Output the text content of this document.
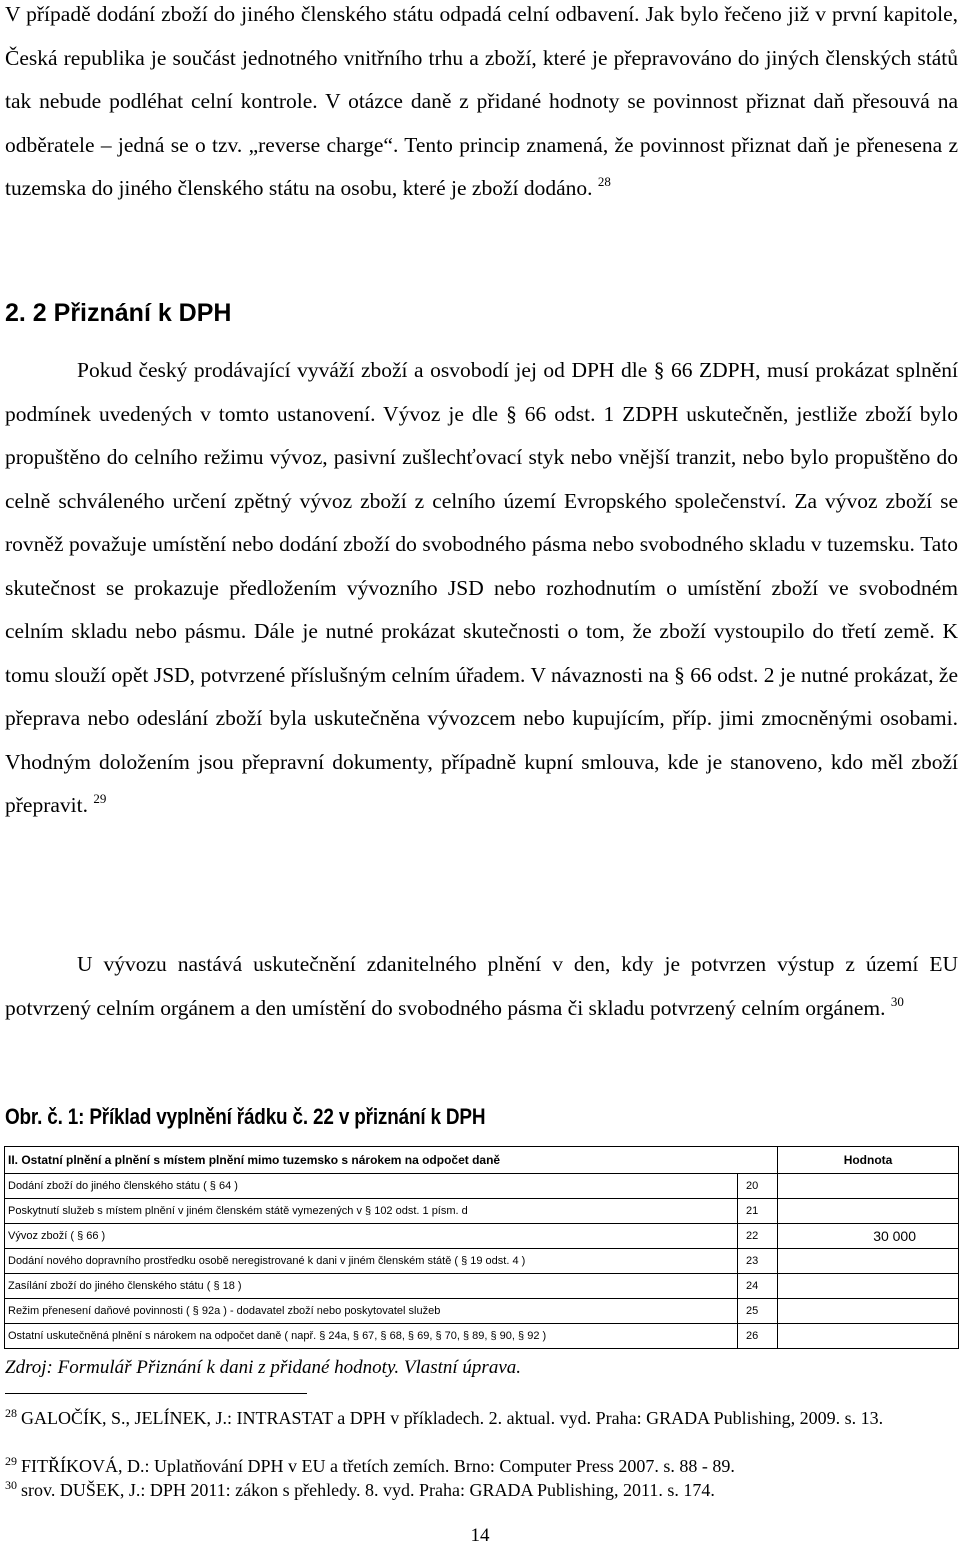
V případě dodání zboží do jiného členského státu odpadá celní odbavení. Jak bylo řečeno již v první kapitole, Česká republika je součást jednotného vnitřního trhu a zboží, které je přepravováno do jiných členských států tak nebude podléhat celní kontrole. V otázce daně z přidané hodnoty se povinnost přiznat daň přesouvá na odběratele – jedná se o tzv. „reverse charge“. Tento princip znamená, že povinnost přiznat daň je přenesena z tuzemska do jiného členského státu na osobu, které je zboží dodáno. $^{28}$

2. 2 Přiznání k DPH

Pokud český prodávající vyváží zboží a osvobodí jej od DPH dle § 66 ZDPH, musí prokázat splnění podmínek uvedených v tomto ustanovení. Vývoz je dle § 66 odst. 1 ZDPH uskutečněn, jestliže zboží bylo propuštěno do celního režimu vývoz, pasivní zušlechťovací styk nebo vnější tranzit, nebo bylo propuštěno do celně schváleného určení zpětný vývoz zboží z celního území Evropského společenství. Za vývoz zboží se rovněž považuje umístění nebo dodání zboží do svobodného pásma nebo svobodného skladu v tuzemsku. Tato skutečnost se prokazuje předložením vývozního JSD nebo rozhodnutím o umístění zboží ve svobodném celním skladu nebo pásmu. Dále je nutné prokázat skutečnosti o tom, že zboží vystoupilo do třetí země. K tomu slouží opět JSD, potvrzené příslušným celním úřadem. V návaznosti na § 66 odst. 2 je nutné prokázat, že přeprava nebo odeslání zboží byla uskutečněna vývozcem nebo kupujícím, příp. jimi zmocněnými osobami. Vhodným doložením jsou přepravní dokumenty, případně kupní smlouva, kde je stanoveno, kdo měl zboží přepravit. $^{29}$

U vývozu nastává uskutečnění zdanitelného plnění v den, kdy je potvrzen výstup z území EU potvrzený celním orgánem a den umístění do svobodného pásma či skladu potvrzený celním orgánem. $^{30}$

Obr. č. 1: Příklad vyplnění řádku č. 22 v přiznání k DPH

II. Ostatní plnění a plnění s místem plnění mimo tuzemsko s nárokem na odpočet daně		Hodnota
Dodání zboží do jiného členského státu ( § 64 )	20	
Poskytnutí služeb s místem plnění v jiném členském státě vymezených v § 102 odst. 1 písm. d	21	
Vývoz zboží ( § 66 )	22	30 000
Dodání nového dopravního prostředku osobě neregistrované k dani v jiném členském státě ( § 19 odst. 4 )	23	
Zasílání zboží do jiného členského státu ( § 18 )	24	
Režim přenesení daňové povinnosti ( § 92a ) - dodavatel zboží nebo poskytovatel služeb	25	
Ostatní uskutečněná plnění s nárokem na odpočet daně ( např. § 24a, § 67, § 68, § 69, § 70, § 89, § 90, § 92 )	26	

Zdroj: Formulář Přiznání k dani z přidané hodnoty. Vlastní úprava.

$^{28}$ GALOČÍK, S., JELÍNEK, J.: INTRASTAT a DPH v příkladech. 2. aktual. vyd. Praha: GRADA Publishing, 2009. s. 13.

$^{29}$ FITŘÍKOVÁ, D.: Uplatňování DPH v EU a třetích zemích. Brno: Computer Press 2007. s. 88 - 89.

$^{30}$ srov. DUŠEK, J.: DPH 2011: zákon s přehledy. 8. vyd. Praha: GRADA Publishing, 2011. s. 174.

14
